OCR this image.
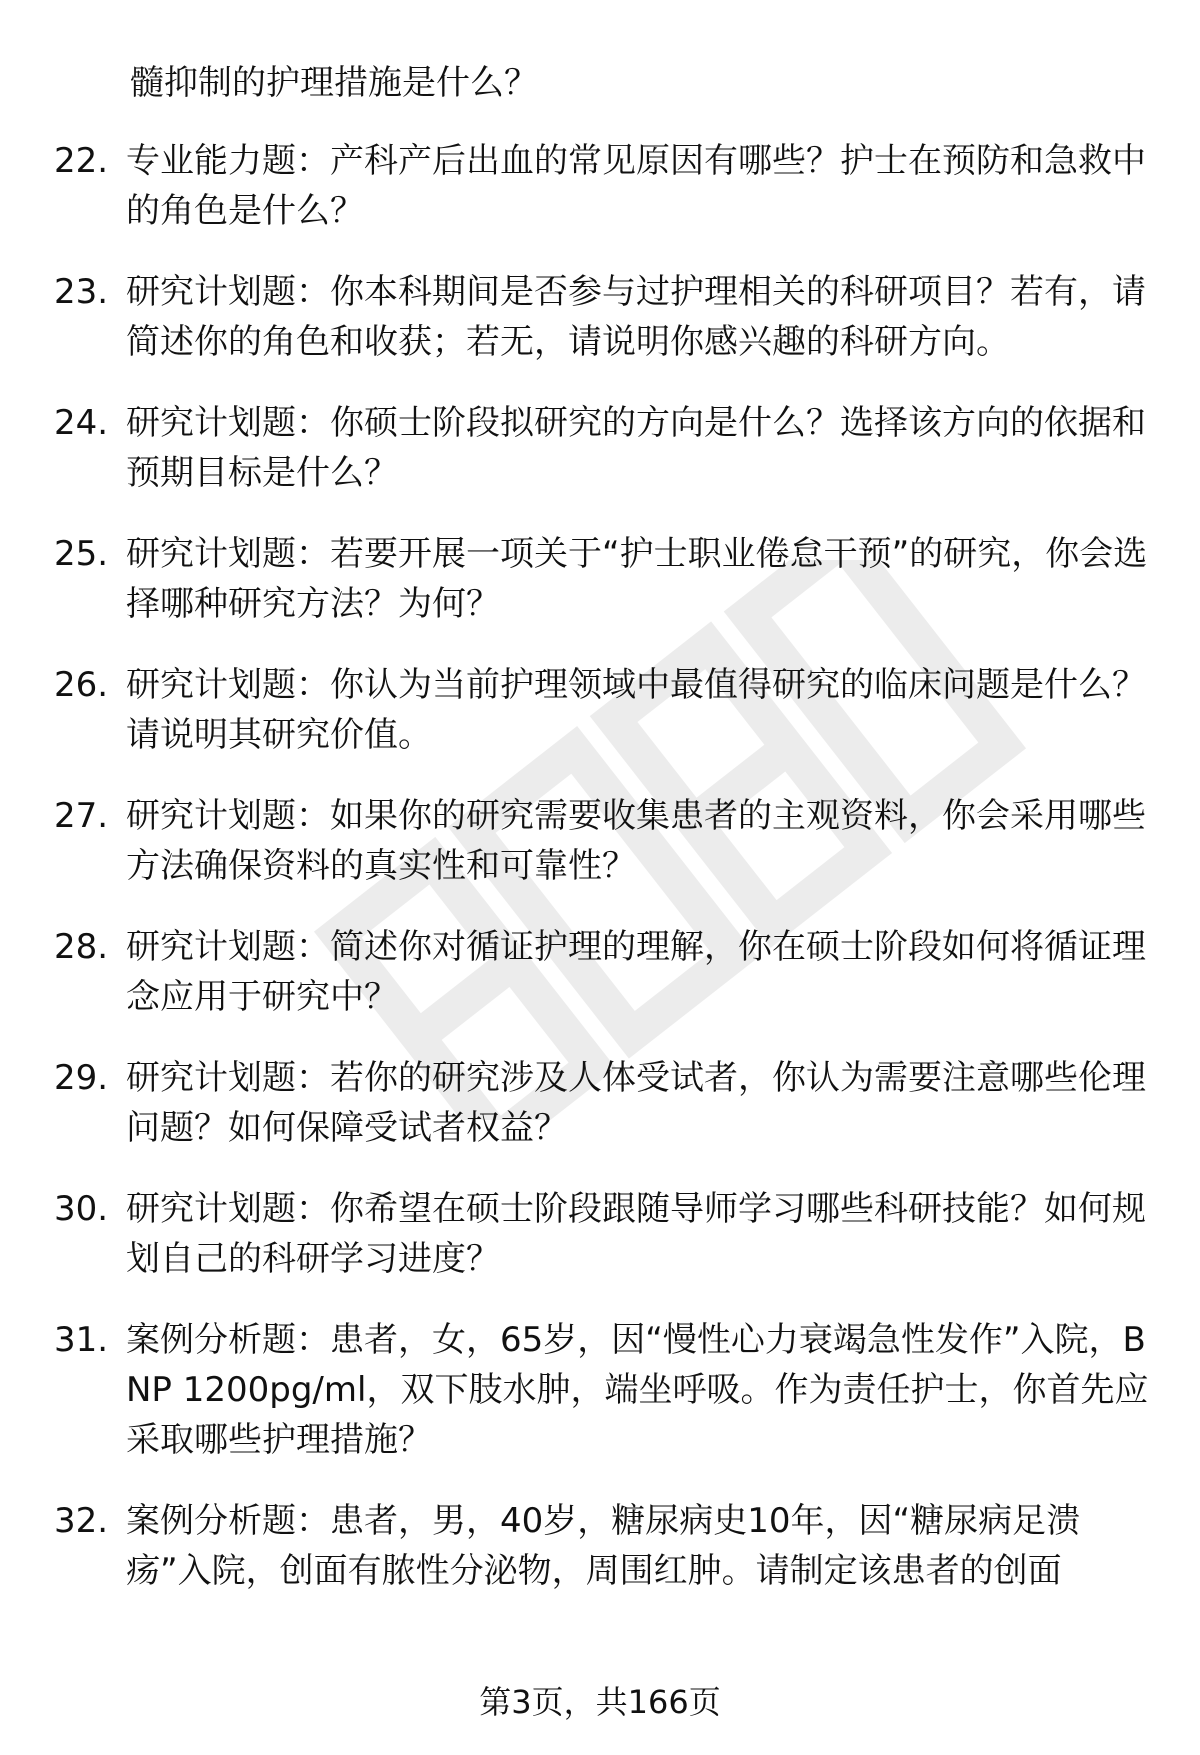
髓抑制的护理措施是什么？
22. 专业能力题：产科产后出血的常见原因有哪些？护士在预防和急救中的角色是什么？
23. 研究计划题：你本科期间是否参与过护理相关的科研项目？若有，请简述你的角色和收获；若无，请说明你感兴趣的科研方向。
24. 研究计划题：你硕士阶段拟研究的方向是什么？选择该方向的依据和预期目标是什么？
25. 研究计划题：若要开展一项关于“护士职业倦怠干预”的研究，你会选择哪种研究方法？为何？
26. 研究计划题：你认为当前护理领域中最值得研究的临床问题是什么？请说明其研究价值。
27. 研究计划题：如果你的研究需要收集患者的主观资料，你会采用哪些方法确保资料的真实性和可靠性？
28. 研究计划题：简述你对循证护理的理解，你在硕士阶段如何将循证理念应用于研究中？
29. 研究计划题：若你的研究涉及人体受试者，你认为需要注意哪些伦理问题？如何保障受试者权益？
30. 研究计划题：你希望在硕士阶段跟随导师学习哪些科研技能？如何规划自己的科研学习进度？
31. 案例分析题：患者，女，65岁，因“慢性心力衰竭急性发作”入院，BNP 1200pg/ml，双下肢水肿，端坐呼吸。作为责任护士，你首先应采取哪些护理措施？
32. 案例分析题：患者，男，40岁，糖尿病史10年，因“糖尿病足溃疡”入院，创面有脓性分泌物，周围红肿。请制定该患者的创面
第3页，共166页
